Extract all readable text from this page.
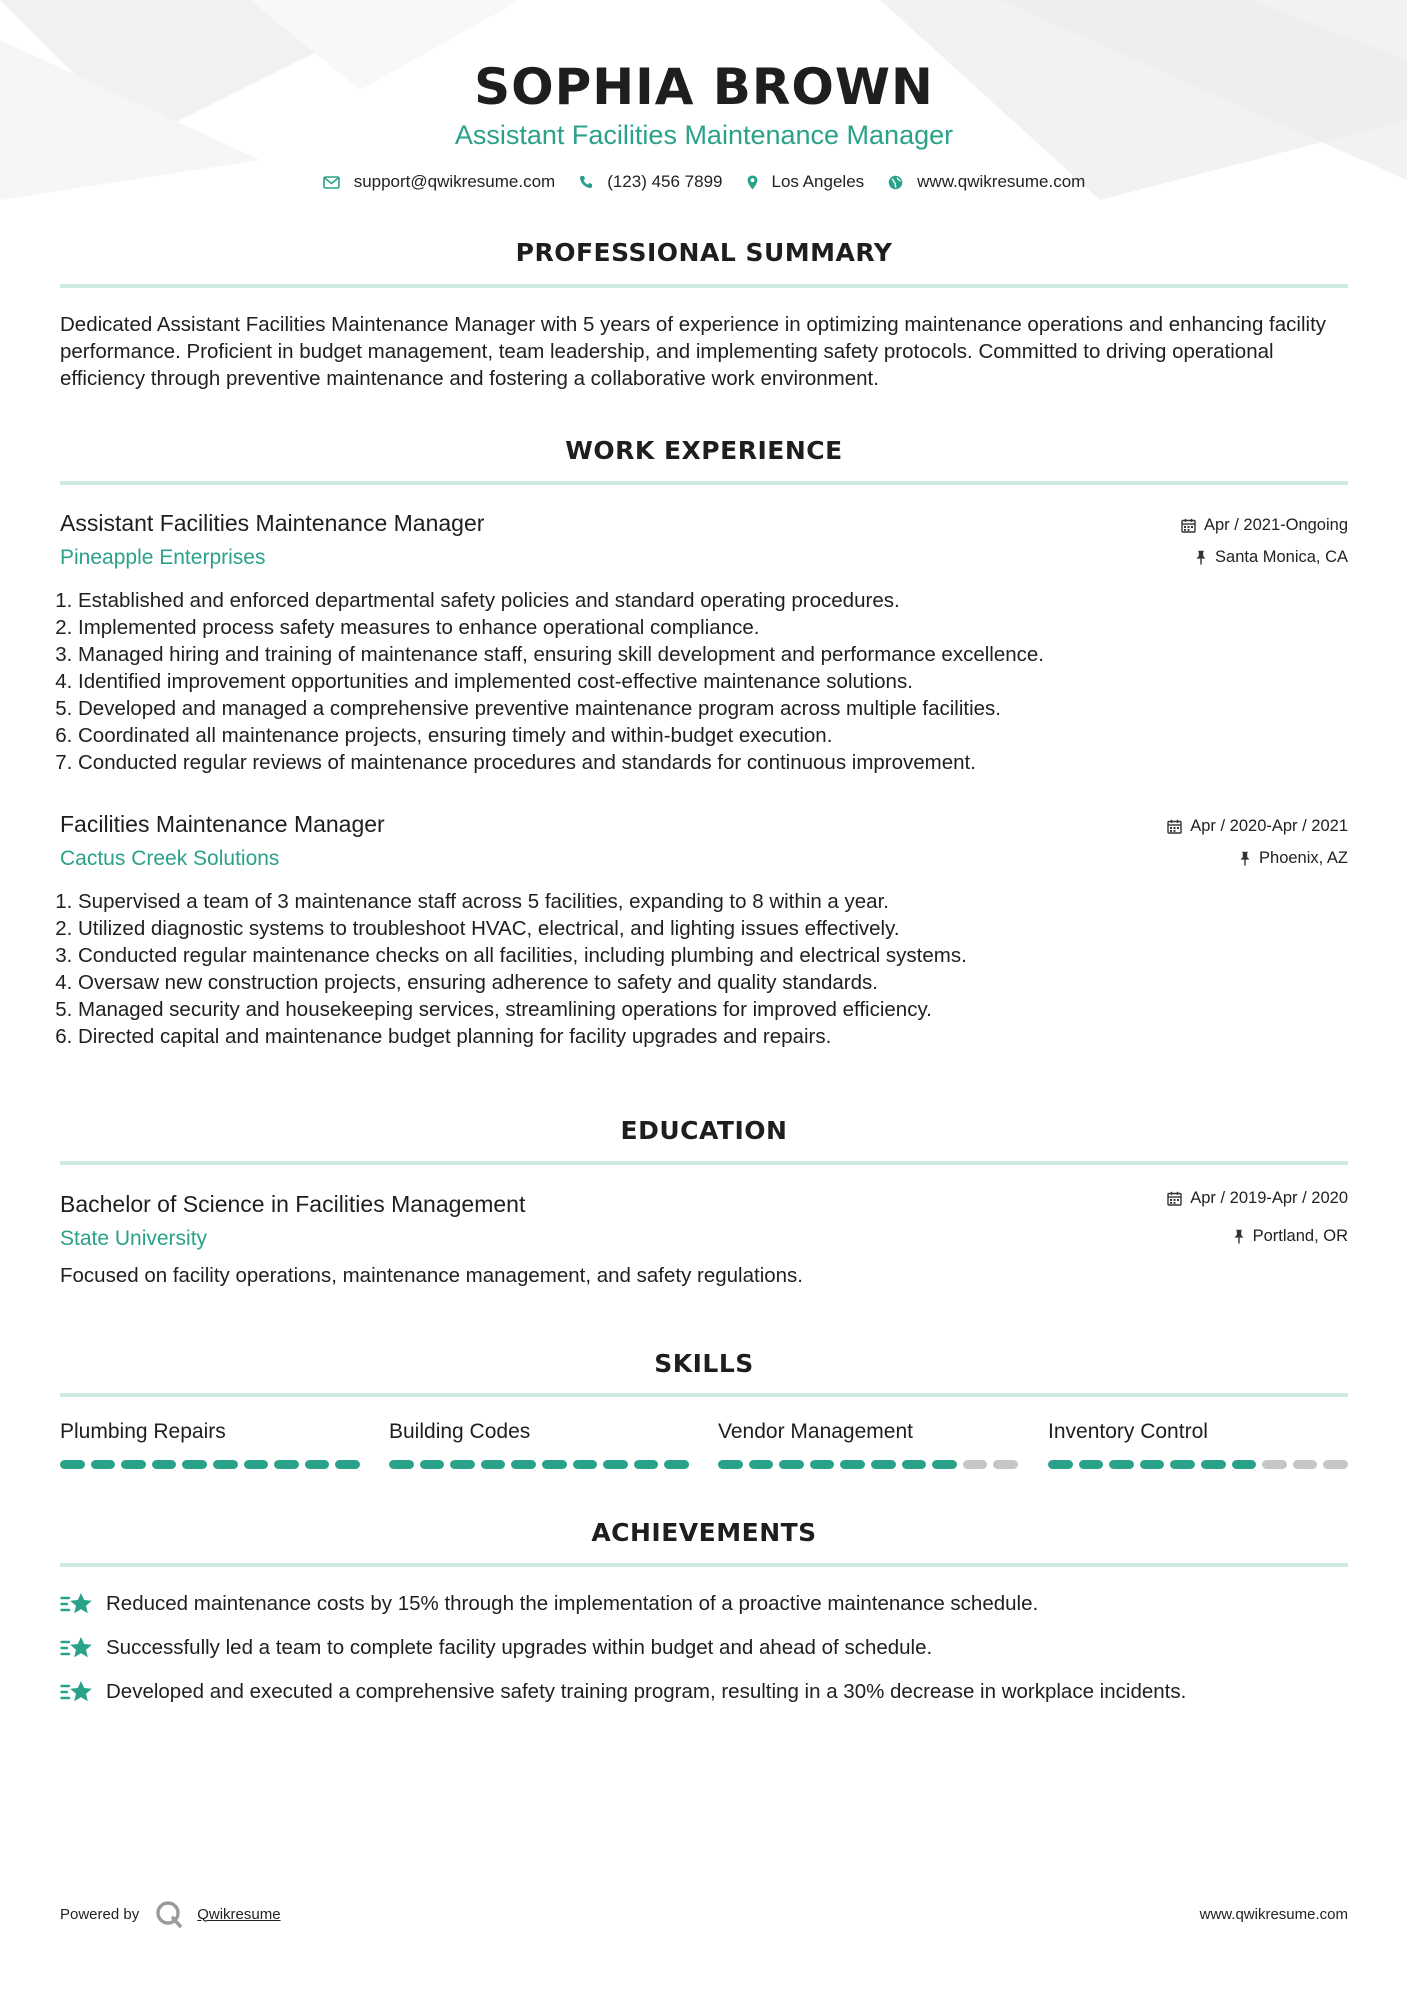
SOPHIA BROWN
Assistant Facilities Maintenance Manager
support@qwikresume.com	(123) 456 7899	Los Angeles	www.qwikresume.com
PROFESSIONAL SUMMARY
Dedicated Assistant Facilities Maintenance Manager with 5 years of experience in optimizing maintenance operations and enhancing facility performance. Proficient in budget management, team leadership, and implementing safety protocols. Committed to driving operational efficiency through preventive maintenance and fostering a collaborative work environment.
WORK EXPERIENCE
Assistant Facilities Maintenance Manager	Apr / 2021-Ongoing
Pineapple Enterprises	Santa Monica, CA
1. Established and enforced departmental safety policies and standard operating procedures.
2. Implemented process safety measures to enhance operational compliance.
3. Managed hiring and training of maintenance staff, ensuring skill development and performance excellence.
4. Identified improvement opportunities and implemented cost-effective maintenance solutions.
5. Developed and managed a comprehensive preventive maintenance program across multiple facilities.
6. Coordinated all maintenance projects, ensuring timely and within-budget execution.
7. Conducted regular reviews of maintenance procedures and standards for continuous improvement.
Facilities Maintenance Manager	Apr / 2020-Apr / 2021
Cactus Creek Solutions	Phoenix, AZ
1. Supervised a team of 3 maintenance staff across 5 facilities, expanding to 8 within a year.
2. Utilized diagnostic systems to troubleshoot HVAC, electrical, and lighting issues effectively.
3. Conducted regular maintenance checks on all facilities, including plumbing and electrical systems.
4. Oversaw new construction projects, ensuring adherence to safety and quality standards.
5. Managed security and housekeeping services, streamlining operations for improved efficiency.
6. Directed capital and maintenance budget planning for facility upgrades and repairs.
EDUCATION
Bachelor of Science in Facilities Management	Apr / 2019-Apr / 2020
State University	Portland, OR
Focused on facility operations, maintenance management, and safety regulations.
SKILLS
Plumbing Repairs	Building Codes	Vendor Management	Inventory Control
ACHIEVEMENTS
Reduced maintenance costs by 15% through the implementation of a proactive maintenance schedule.
Successfully led a team to complete facility upgrades within budget and ahead of schedule.
Developed and executed a comprehensive safety training program, resulting in a 30% decrease in workplace incidents.
Powered by	Qwikresume	www.qwikresume.com
